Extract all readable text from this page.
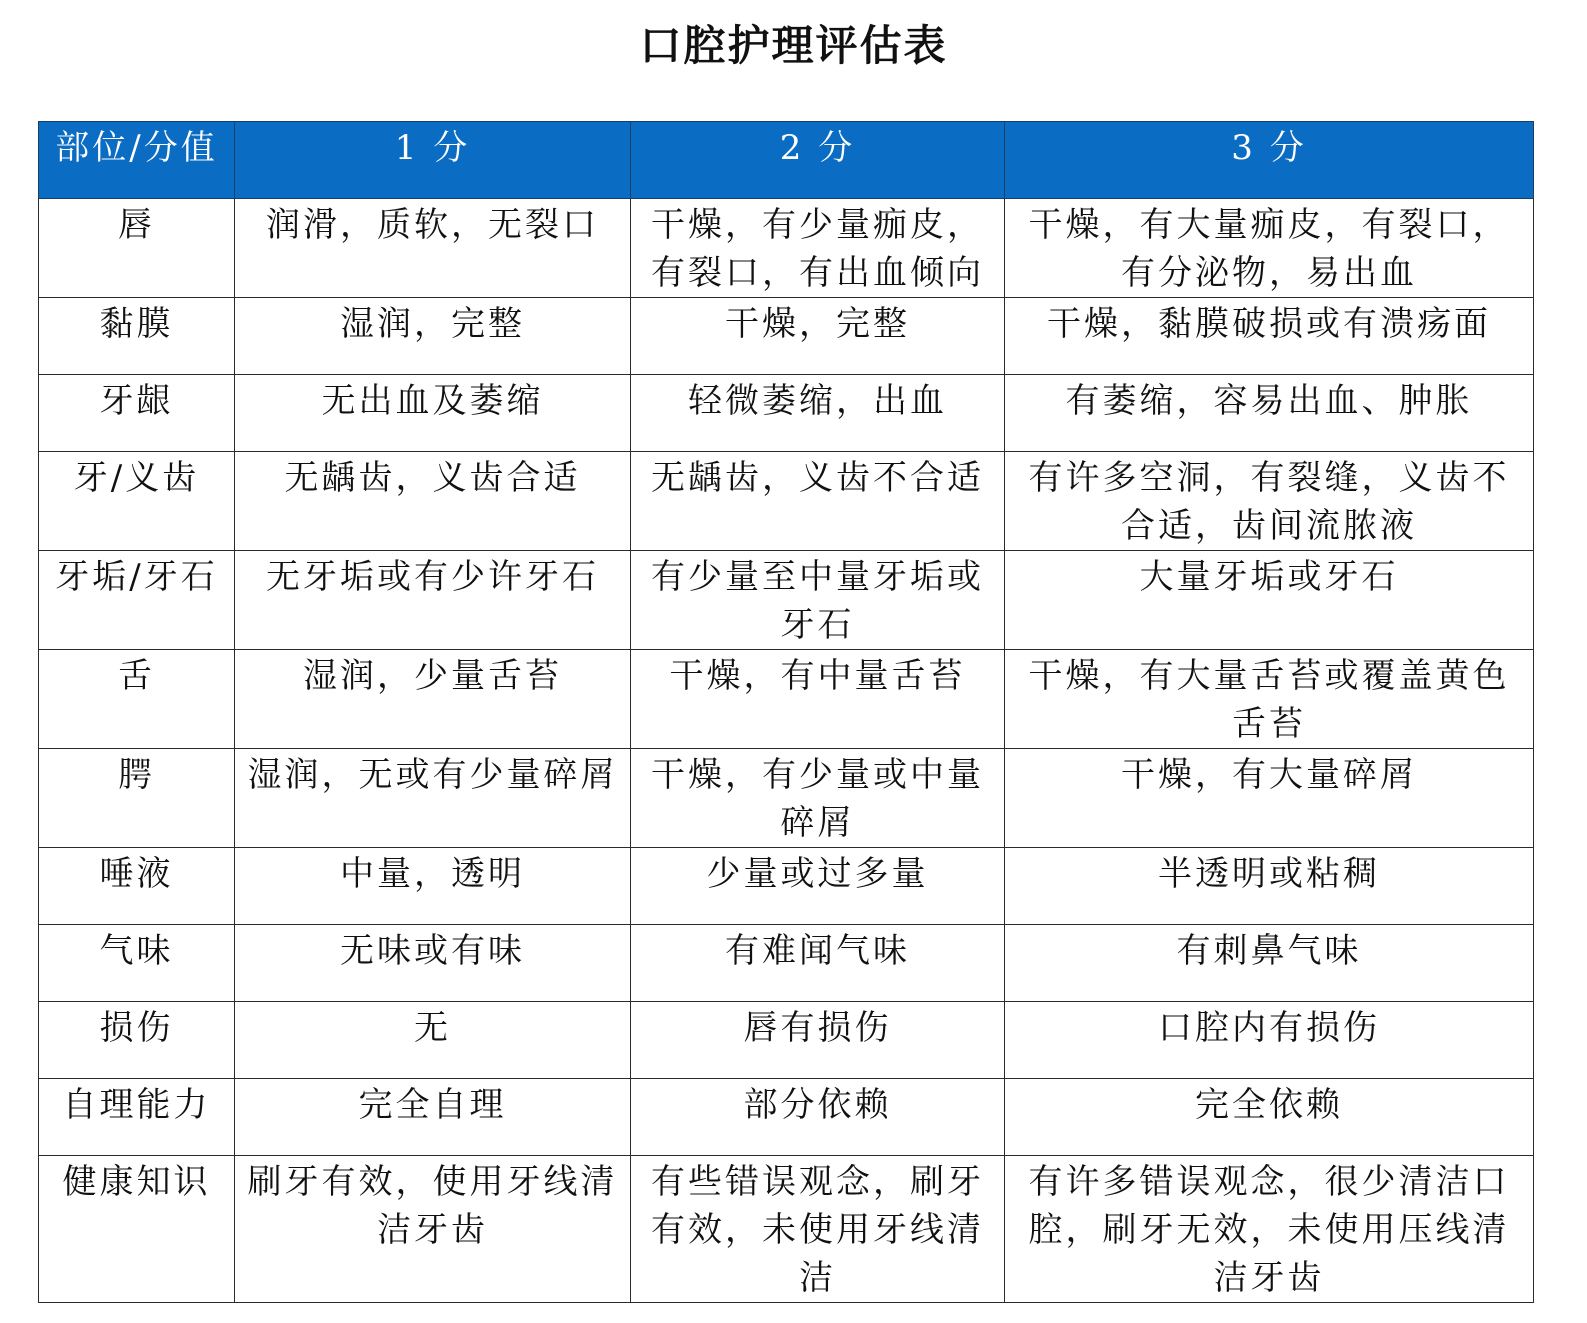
口腔护理评估表
部位/分值	1 分	2 分	3 分
唇	润滑，质软，无裂口	干燥，有少量痂皮，有裂口，有出血倾向	干燥，有大量痂皮，有裂口，有分泌物，易出血
黏膜	湿润，完整	干燥，完整	干燥，黏膜破损或有溃疡面
牙龈	无出血及萎缩	轻微萎缩，出血	有萎缩，容易出血、肿胀
牙/义齿	无龋齿，义齿合适	无龋齿，义齿不合适	有许多空洞，有裂缝，义齿不合适，齿间流脓液
牙垢/牙石	无牙垢或有少许牙石	有少量至中量牙垢或牙石	大量牙垢或牙石
舌	湿润，少量舌苔	干燥，有中量舌苔	干燥，有大量舌苔或覆盖黄色舌苔
腭	湿润，无或有少量碎屑	干燥，有少量或中量碎屑	干燥，有大量碎屑
唾液	中量，透明	少量或过多量	半透明或粘稠
气味	无味或有味	有难闻气味	有刺鼻气味
损伤	无	唇有损伤	口腔内有损伤
自理能力	完全自理	部分依赖	完全依赖
健康知识	刷牙有效，使用牙线清洁牙齿	有些错误观念，刷牙有效，未使用牙线清洁	有许多错误观念，很少清洁口腔，刷牙无效，未使用压线清洁牙齿
